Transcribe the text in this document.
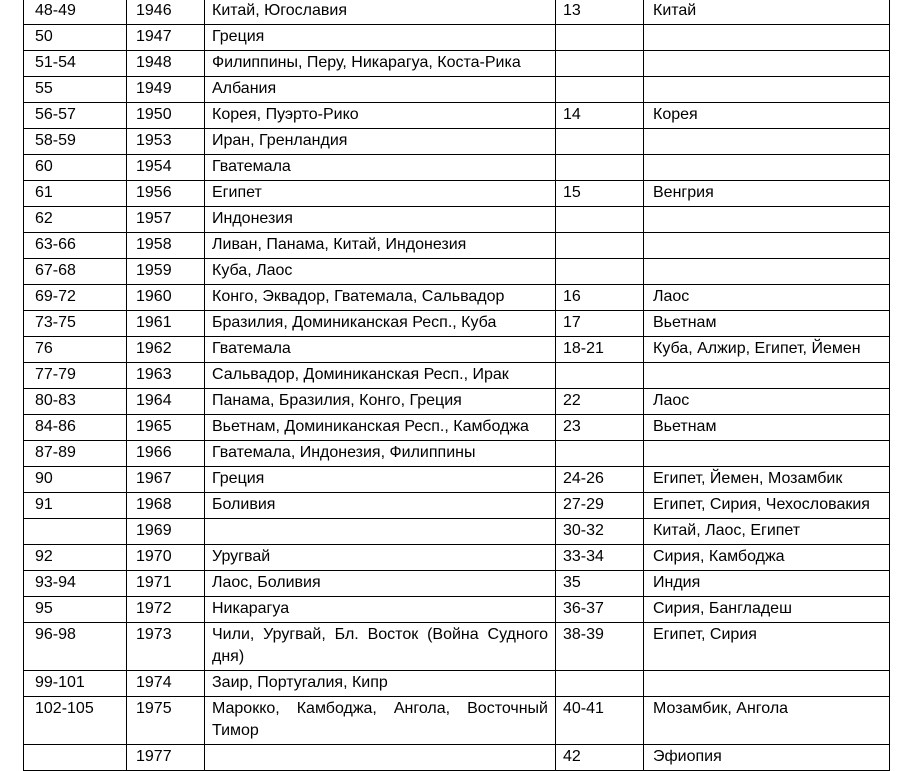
48-49	1946	Китай, Югославия	13	Китай
50	1947	Греция		
51-54	1948	Филиппины, Перу, Никарагуа, Коста-Рика		
55	1949	Албания		
56-57	1950	Корея, Пуэрто-Рико	14	Корея
58-59	1953	Иран, Гренландия		
60	1954	Гватемала		
61	1956	Египет	15	Венгрия
62	1957	Индонезия		
63-66	1958	Ливан, Панама, Китай, Индонезия		
67-68	1959	Куба, Лаос		
69-72	1960	Конго, Эквадор, Гватемала, Сальвадор	16	Лаос
73-75	1961	Бразилия, Доминиканская Респ., Куба	17	Вьетнам
76	1962	Гватемала	18-21	Куба, Алжир, Египет, Йемен
77-79	1963	Сальвадор, Доминиканская Респ., Ирак		
80-83	1964	Панама, Бразилия, Конго, Греция	22	Лаос
84-86	1965	Вьетнам, Доминиканская Респ., Камбоджа	23	Вьетнам
87-89	1966	Гватемала, Индонезия, Филиппины		
90	1967	Греция	24-26	Египет, Йемен, Мозамбик
91	1968	Боливия	27-29	Египет, Сирия, Чехословакия
	1969		30-32	Китай, Лаос, Египет
92	1970	Уругвай	33-34	Сирия, Камбоджа
93-94	1971	Лаос, Боливия	35	Индия
95	1972	Никарагуа	36-37	Сирия, Бангладеш
96-98	1973	Чили, Уругвай, Бл. Восток (Война Судного дня)	38-39	Египет, Сирия
99-101	1974	Заир, Португалия, Кипр		
102-105	1975	Марокко, Камбоджа, Ангола, Восточный Тимор	40-41	Мозамбик, Ангола
	1977		42	Эфиопия
